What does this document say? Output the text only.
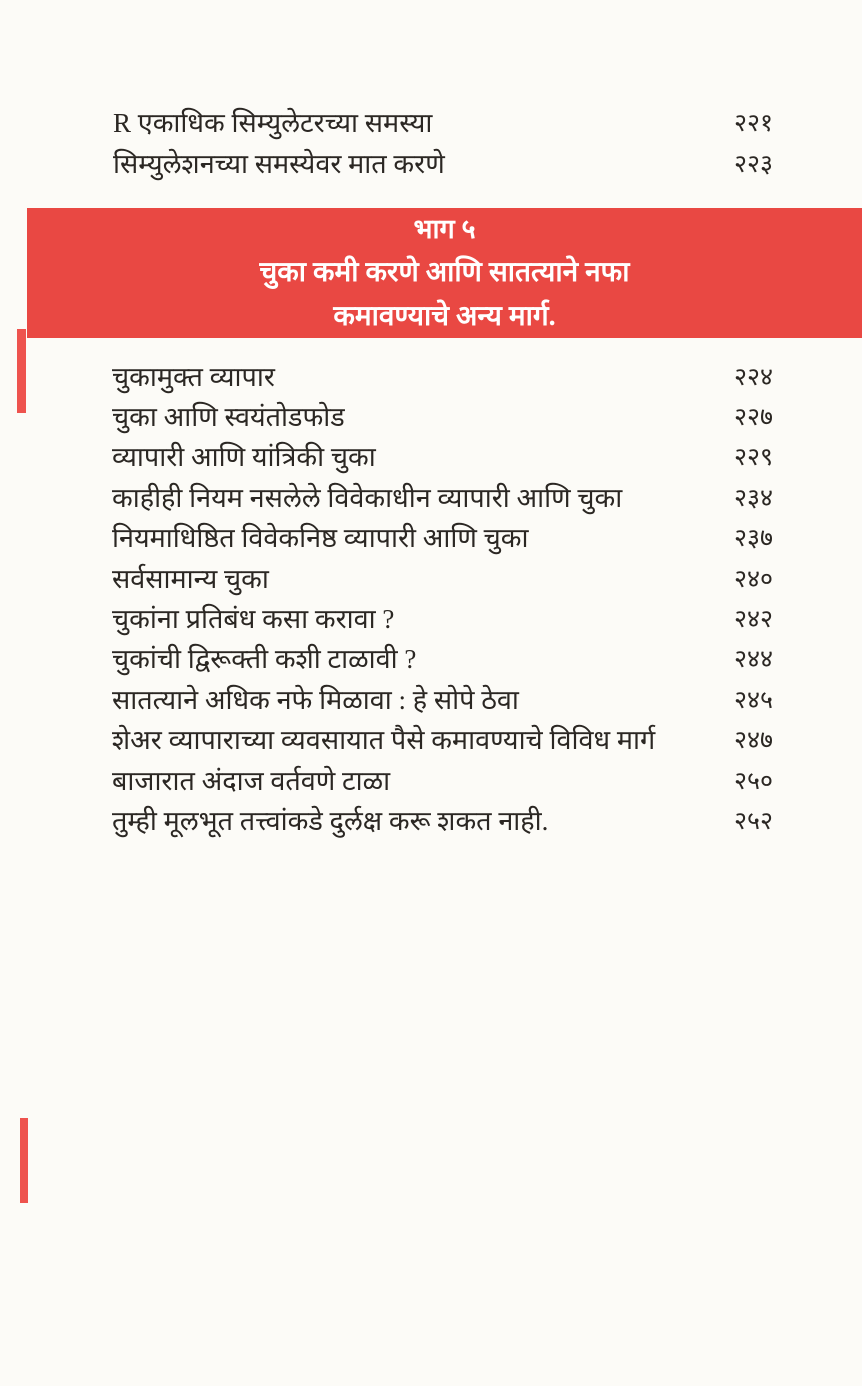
R एकाधिक सिम्युलेटरच्या समस्या	२२१
सिम्युलेशनच्या समस्येवर मात करणे	२२३
भाग ५
चुका कमी करणे आणि सातत्याने नफा
कमावण्याचे अन्य मार्ग.
चुकामुक्त व्यापार	२२४
चुका आणि स्वयंतोडफोड	२२७
व्यापारी आणि यांत्रिकी चुका	२२९
काहीही नियम नसलेले विवेकाधीन व्यापारी आणि चुका	२३४
नियमाधिष्ठित विवेकनिष्ठ व्यापारी आणि चुका	२३७
सर्वसामान्य चुका	२४०
चुकांना प्रतिबंध कसा करावा ?	२४२
चुकांची द्विरूक्ती कशी टाळावी ?	२४४
सातत्याने अधिक नफे मिळावा : हे सोपे ठेवा	२४५
शेअर व्यापाराच्या व्यवसायात पैसे कमावण्याचे विविध मार्ग	२४७
बाजारात अंदाज वर्तवणे टाळा	२५०
तुम्ही मूलभूत तत्त्वांकडे दुर्लक्ष करू शकत नाही.	२५२
